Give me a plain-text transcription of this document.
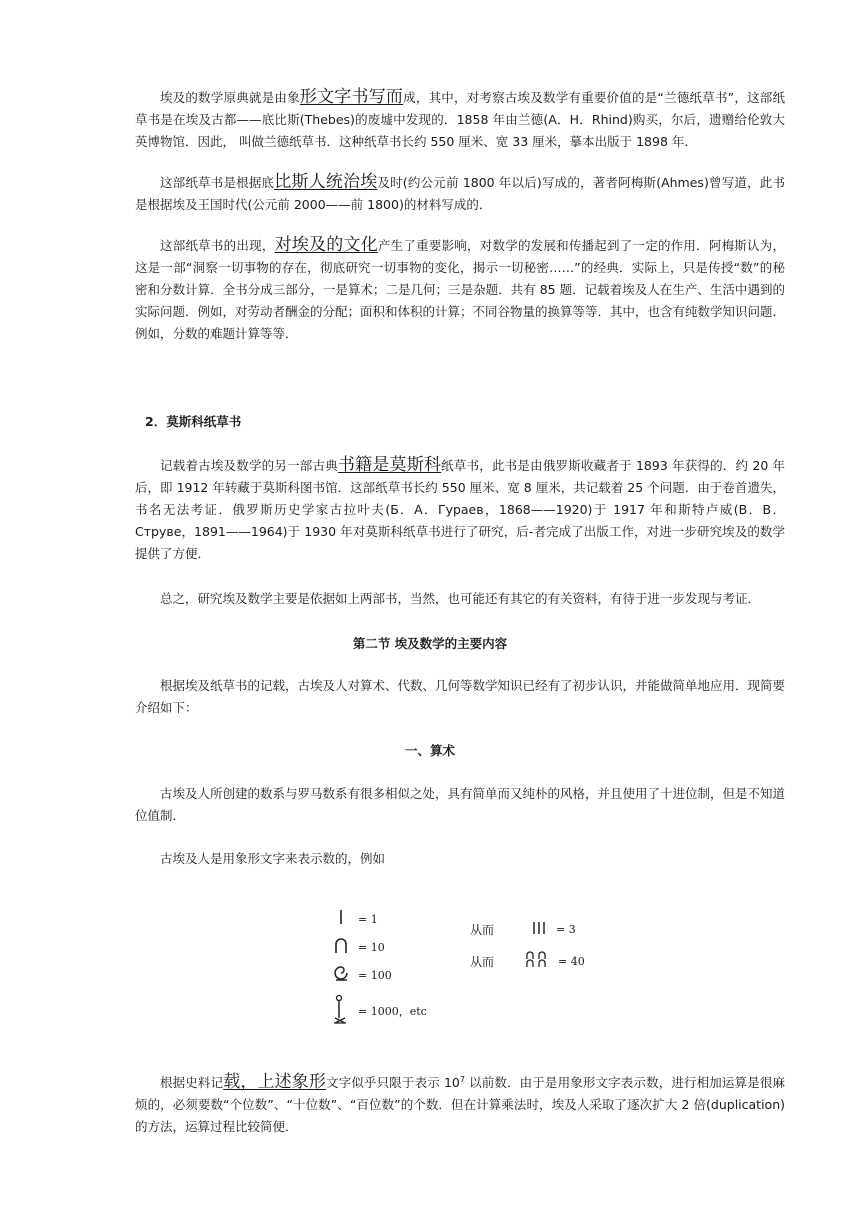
埃及的数学原典就是由象形文字书写而成，其中，对考察古埃及数学有重要价值的是“兰德纸草书”，这部纸草书是在埃及古都——底比斯(Thebes)的废墟中发现的．1858 年由兰德(A．H．Rhind)购买，尔后，遗赠给伦敦大英博物馆．因此， 叫做兰德纸草书．这种纸草书长约 550 厘米、宽 33 厘米，摹本出版于 1898 年．

这部纸草书是根据底比斯人统治埃及时(约公元前 1800 年以后)写成的，著者阿梅斯(Ahmes)曾写道，此书是根据埃及王国时代(公元前 2000——前 1800)的材料写成的．

这部纸草书的出现，对埃及的文化产生了重要影响，对数学的发展和传播起到了一定的作用．阿梅斯认为，这是一部“洞察一切事物的存在，彻底研究一切事物的变化，揭示一切秘密……”的经典．实际上，只是传授“数”的秘密和分数计算．全书分成三部分，一是算术；二是几何；三是杂题．共有 85 题．记载着埃及人在生产、生活中遇到的实际问题．例如，对劳动者酬金的分配；面积和体积的计算；不同谷物量的换算等等．其中，也含有纯数学知识问题．例如，分数的难题计算等等．

2．莫斯科纸草书

记载着古埃及数学的另一部古典书籍是莫斯科纸草书，此书是由俄罗斯收藏者于 1893 年获得的．约 20 年后，即 1912 年转藏于莫斯科图书馆．这部纸草书长约 550 厘米、宽 8 厘米，共记载着 25 个问题．由于卷首遗失，书名无法考证．俄罗斯历史学家古拉叶夫(Б．А．Гураев，1868——1920)于 1917 年和斯特卢威(В．В．Струве，1891——1964)于 1930 年对莫斯科纸草书进行了研究，后-者完成了出版工作，对进一步研究埃及的数学提供了方便．

总之，研究埃及数学主要是依据如上两部书，当然，也可能还有其它的有关资料，有待于进一步发现与考证．

第二节 埃及数学的主要内容

根据埃及纸草书的记载，古埃及人对算术、代数、几何等数学知识已经有了初步认识，并能做简单地应用．现简要介绍如下：

一、算术

古埃及人所创建的数系与罗马数系有很多相似之处，具有简单而又纯朴的风格，并且使用了十进位制，但是不知道位值制．

古埃及人是用象形文字来表示数的，例如

= 1
= 10
= 100
= 1000，etc
从而
从而
= 3
= 40

根据史料记载，上述象形文字似乎只限于表示 $10^7$ 以前数．由于是用象形文字表示数，进行相加运算是很麻烦的，必须要数“个位数”、“十位数”、“百位数”的个数．但在计算乘法时，埃及人采取了逐次扩大 2 倍(duplication)的方法，运算过程比较简便．
